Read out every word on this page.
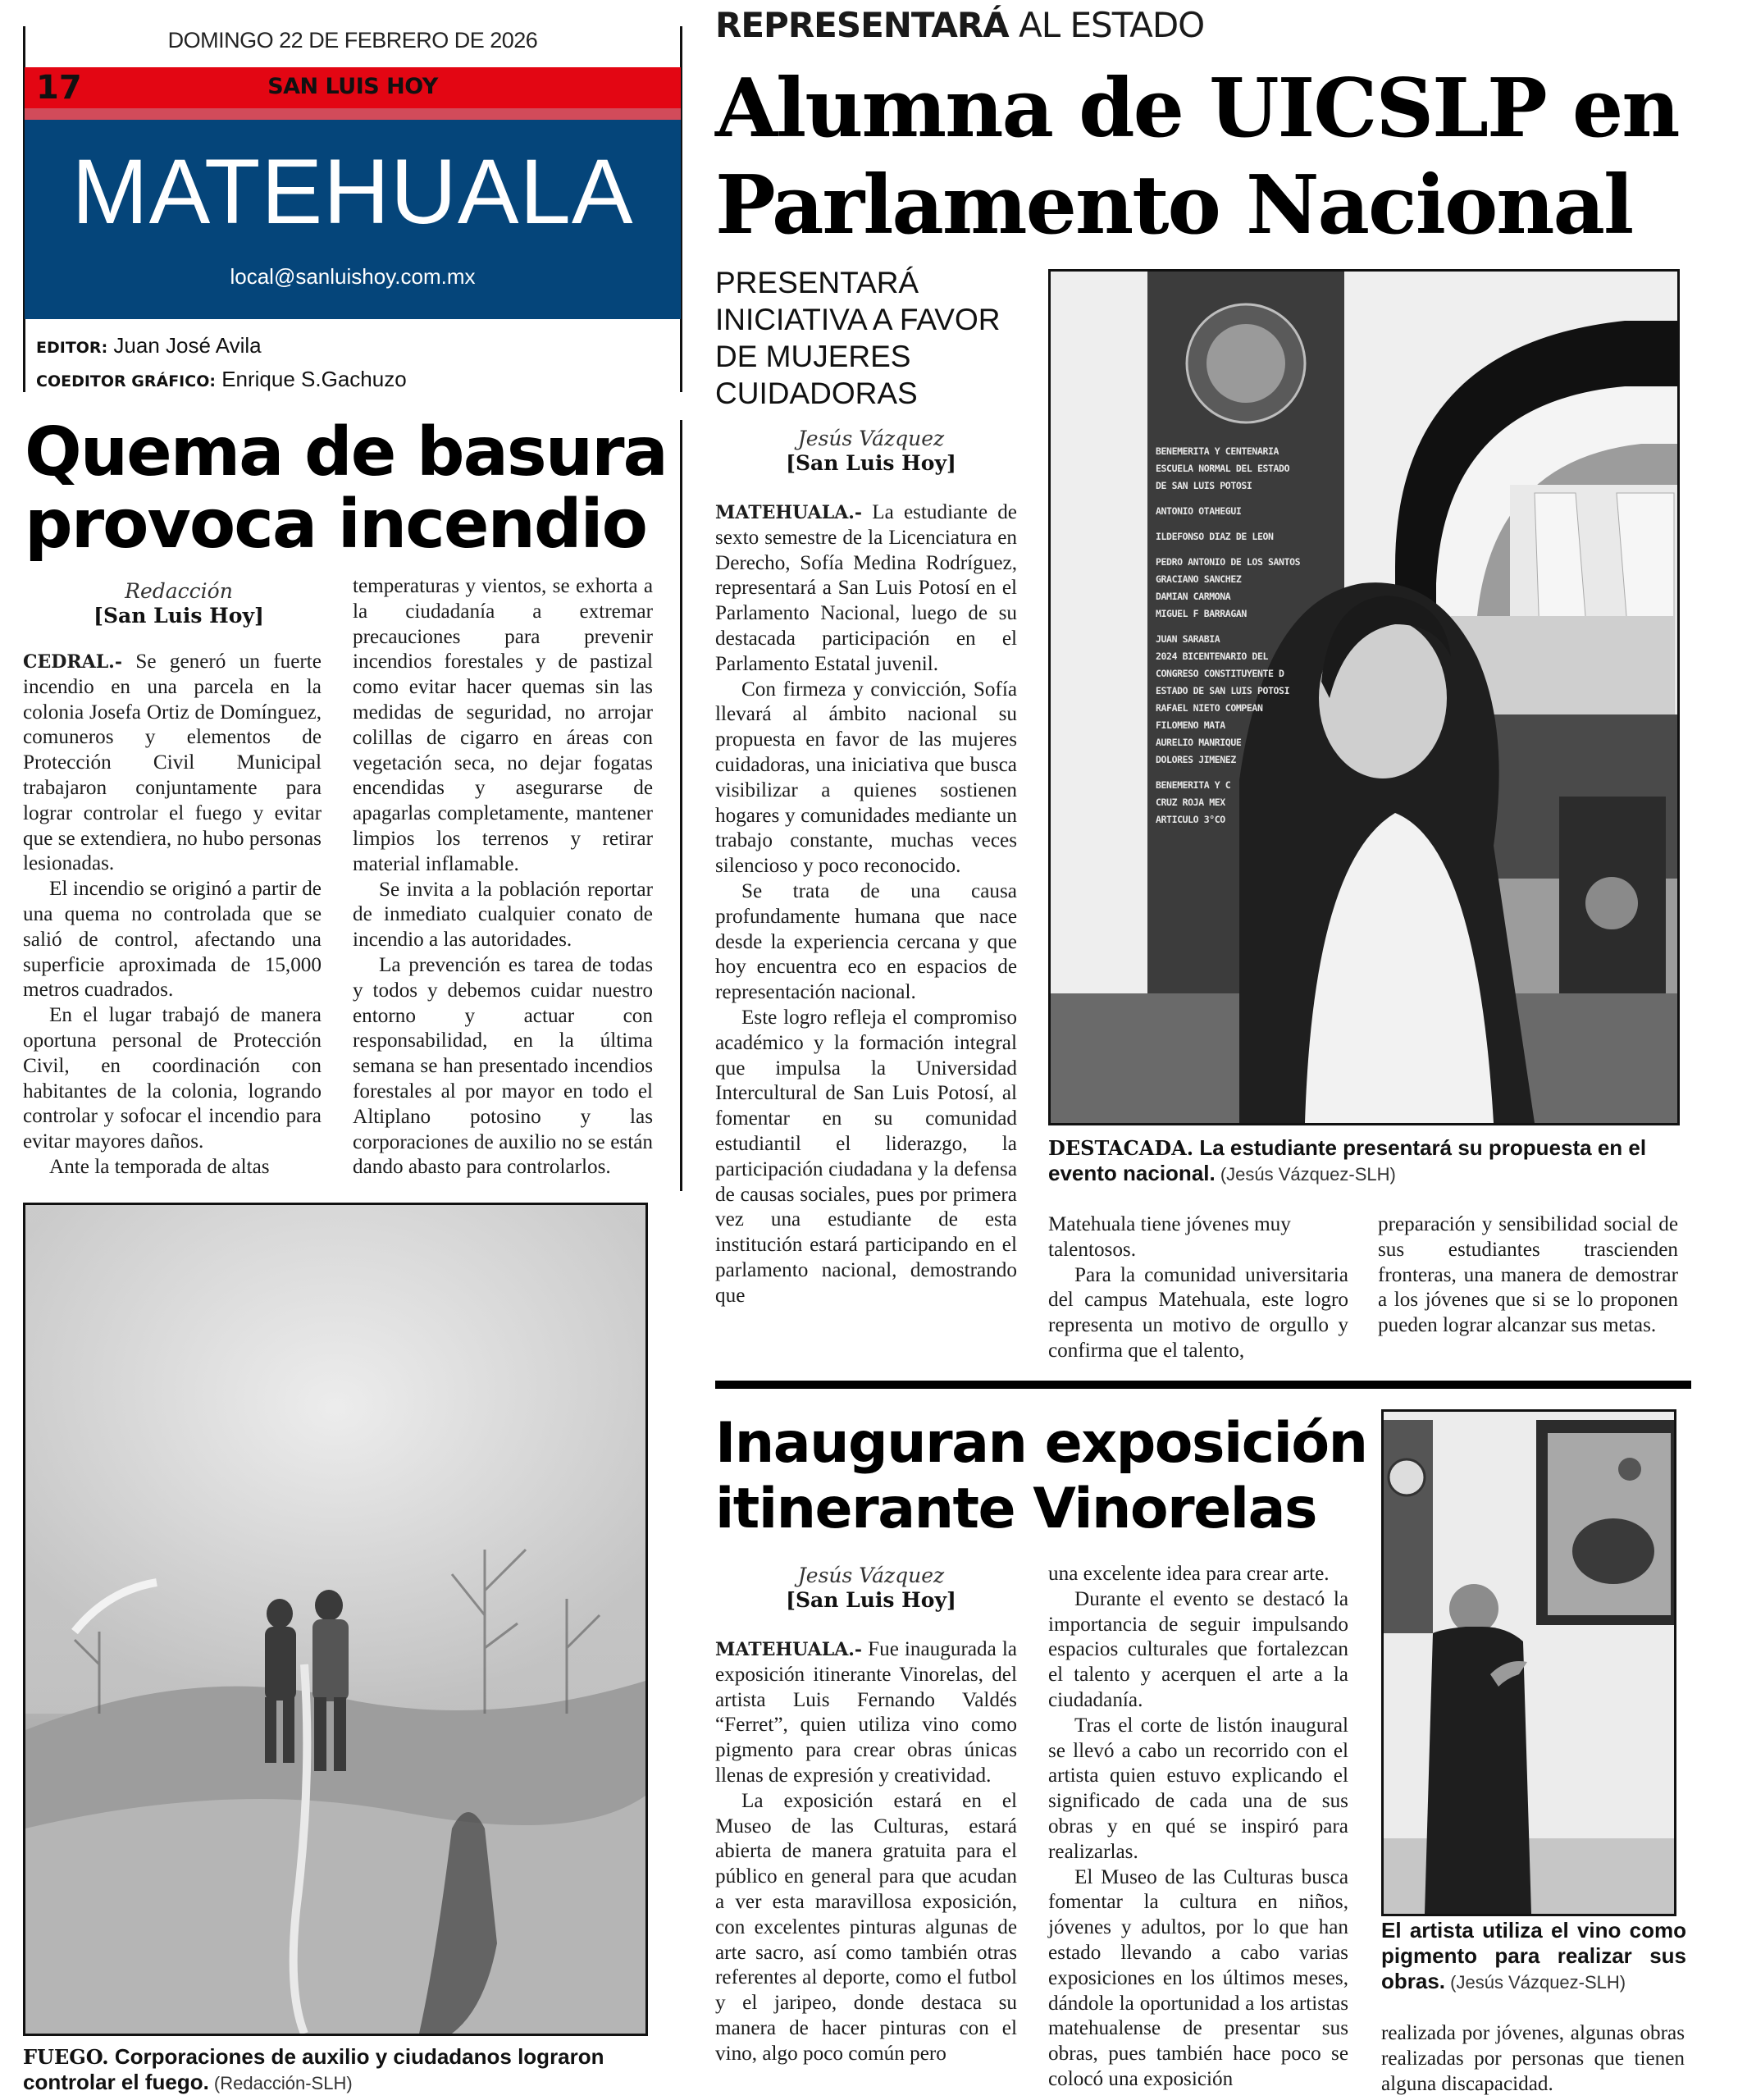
DOMINGO 22 DE FEBRERO DE 2026
17	SAN LUIS HOY
MATEHUALA
local@sanluishoy.com.mx
EDITOR: Juan José Avila
COEDITOR GRÁFICO: Enrique S.Gachuzo
Quema de basura provoca incendio
Redacción
[San Luis Hoy]

CEDRAL.- Se generó un fuerte incendio en una parcela en la colonia Josefa Ortiz de Domínguez, comuneros y elementos de Protección Civil Municipal trabajaron conjuntamente para lograr controlar el fuego y evitar que se extendiera, no hubo personas lesionadas.

El incendio se originó a partir de una quema no controlada que se salió de control, afectando una superficie aproximada de 15,000 metros cuadrados.

En el lugar trabajó de manera oportuna personal de Protección Civil, en coordinación con habitantes de la colonia, logrando controlar y sofocar el incendio para evitar mayores daños.

Ante la temporada de altas

temperaturas y vientos, se exhorta a la ciudadanía a extremar precauciones para prevenir incendios forestales y de pastizal como evitar hacer quemas sin las medidas de seguridad, no arrojar colillas de cigarro en áreas con vegetación seca, no dejar fogatas encendidas y asegurarse de apagarlas completamente, mantener limpios los terrenos y retirar material inflamable.

Se invita a la población reportar de inmediato cualquier conato de incendio a las autoridades.

La prevención es tarea de todas y todos y debemos cuidar nuestro entorno y actuar con responsabilidad, en la última semana se han presentado incendios forestales al por mayor en todo el Altiplano potosino y las corporaciones de auxilio no se están dando abasto para controlarlos.

FUEGO. Corporaciones de auxilio y ciudadanos lograron controlar el fuego. (Redacción-SLH)
REPRESENTARÁ AL ESTADO
Alumna de UICSLP en Parlamento Nacional
PRESENTARÁ INICIATIVA A FAVOR DE MUJERES CUIDADORAS
Jesús Vázquez
[San Luis Hoy]

MATEHUALA.- La estudiante de sexto semestre de la Licenciatura en Derecho, Sofía Medina Rodríguez, representará a San Luis Potosí en el Parlamento Nacional, luego de su destacada participación en el Parlamento Estatal juvenil.

Con firmeza y convicción, Sofía llevará al ámbito nacional su propuesta en favor de las mujeres cuidadoras, una iniciativa que busca visibilizar a quienes sostienen hogares y comunidades mediante un trabajo constante, muchas veces silencioso y poco reconocido.

Se trata de una causa profundamente humana que nace desde la experiencia cercana y que hoy encuentra eco en espacios de representación nacional.

Este logro refleja el compromiso académico y la formación integral que impulsa la Universidad Intercultural de San Luis Potosí, al fomentar en su comunidad estudiantil el liderazgo, la participación ciudadana y la defensa de causas sociales, pues por primera vez una estudiante de esta institución estará participando en el parlamento nacional, demostrando que

BENEMERITA Y CENTENARIA
ESCUELA NORMAL DEL ESTADO
DE SAN LUIS POTOSI
ANTONIO OTAHEGUI
ILDEFONSO DIAZ DE LEON
PEDRO ANTONIO DE LOS SANTOS
GRACIANO SANCHEZ
DAMIAN CARMONA
MIGUEL F BARRAGAN
JUAN SARABIA
2024 BICENTENARIO DEL
CONGRESO CONSTITUYENTE D
ESTADO DE SAN LUIS POTOSI
RAFAEL NIETO COMPEAN
FILOMENO MATA
AURELIO MANRIQUE
DOLORES JIMENEZ
BENEMERITA Y C
CRUZ ROJA MEX
ARTICULO 3°CO
DESTACADA. La estudiante presentará su propuesta en el evento nacional. (Jesús Vázquez-SLH)

Matehuala tiene jóvenes muy talentosos.

Para la comunidad universitaria del campus Matehuala, este logro representa un motivo de orgullo y confirma que el talento,

preparación y sensibilidad social de sus estudiantes trascienden fronteras, una manera de demostrar a los jóvenes que si se lo proponen pueden lograr alcanzar sus metas.

Inauguran exposición itinerante Vinorelas
Jesús Vázquez
[San Luis Hoy]

MATEHUALA.- Fue inaugurada la exposición itinerante Vinorelas, del artista Luis Fernando Valdés “Ferret”, quien utiliza vino como pigmento para crear obras únicas llenas de expresión y creatividad.

La exposición estará en el Museo de las Culturas, estará abierta de manera gratuita para el público en general para que acudan a ver esta maravillosa exposición, con excelentes pinturas algunas de arte sacro, así como también otras referentes al deporte, como el futbol y el jaripeo, donde destaca su manera de hacer pinturas con el vino, algo poco común pero

una excelente idea para crear arte.

Durante el evento se destacó la importancia de seguir impulsando espacios culturales que fortalezcan el talento y acerquen el arte a la ciudadanía.

Tras el corte de listón inaugural se llevó a cabo un recorrido con el artista quien estuvo explicando el significado de cada una de sus obras y en qué se inspiró para realizarlas.

El Museo de las Culturas busca fomentar la cultura en niños, jóvenes y adultos, por lo que han estado llevando a cabo varias exposiciones en los últimos meses, dándole la oportunidad a los artistas matehualense de presentar sus obras, pues también hace poco se colocó una exposición

El artista utiliza el vino como pigmento para realizar sus obras. (Jesús Vázquez-SLH)

realizada por jóvenes, algunas obras realizadas por personas que tienen alguna discapacidad.
